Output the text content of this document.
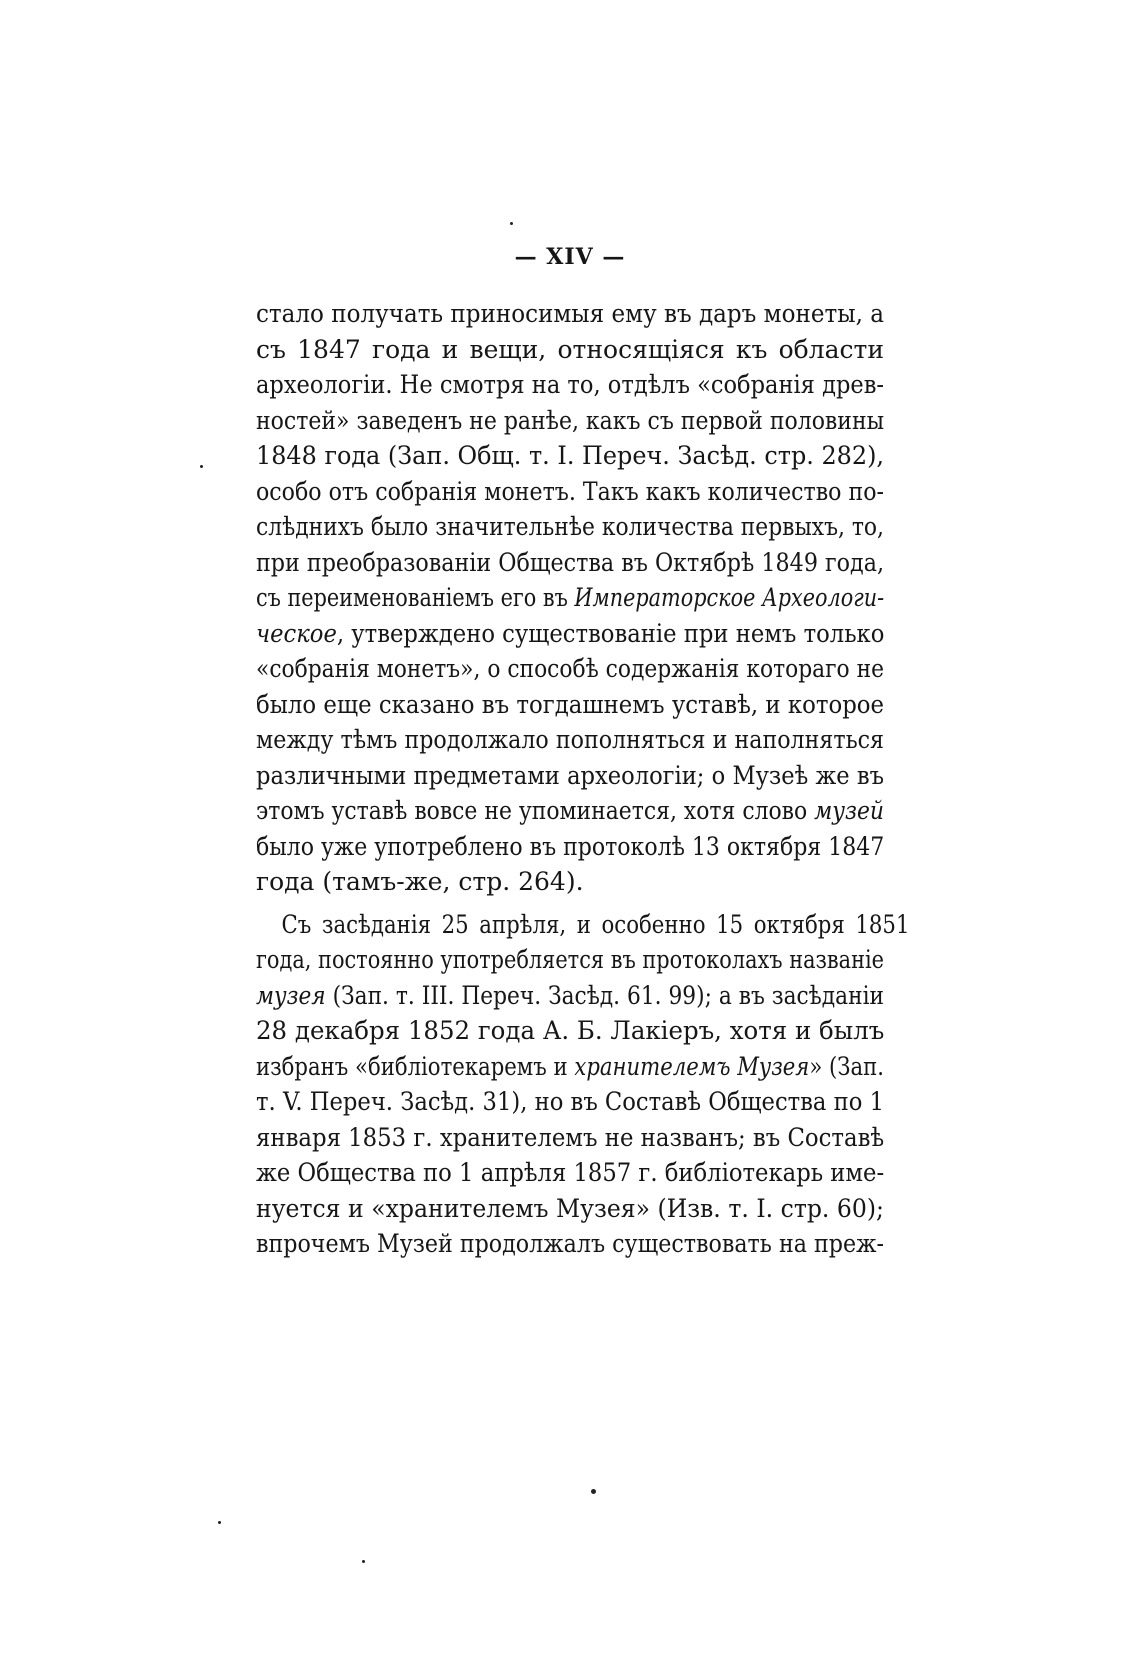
— XIV —
стало получать приносимыя ему въ даръ монеты, а
съ 1847 года и вещи, относящіяся къ области
археологіи. Не смотря на то, отдѣлъ «собранія древ-
ностей» заведенъ не ранѣе, какъ съ первой половины
1848 года (Зап. Общ. т. I. Переч. Засѣд. стр. 282),
особо отъ собранія монетъ. Такъ какъ количество по-
слѣднихъ было значительнѣе количества первыхъ, то,
при преобразованіи Общества въ Октябрѣ 1849 года,
съ переименованіемъ его въ Императорское Археологи-
ческое, утверждено существованіе при немъ только
«собранія монетъ», о способѣ содержанія котораго не
было еще сказано въ тогдашнемъ уставѣ, и которое
между тѣмъ продолжало пополняться и наполняться
различными предметами археологіи; о Музеѣ же въ
этомъ уставѣ вовсе не упоминается, хотя слово музей
было уже употреблено въ протоколѣ 13 октября 1847
года (тамъ-же, стр. 264).
Съ засѣданія 25 апрѣля, и особенно 15 октября 1851
года, постоянно употребляется въ протоколахъ названіе
музея (Зап. т. III. Переч. Засѣд. 61. 99); а въ засѣданіи
28 декабря 1852 года А. Б. Лакіеръ, хотя и былъ
избранъ «библіотекаремъ и хранителемъ Музея» (Зап.
т. V. Переч. Засѣд. 31), но въ Составѣ Общества по 1
января 1853 г. хранителемъ не названъ; въ Составѣ
же Общества по 1 апрѣля 1857 г. библіотекарь име-
нуется и «хранителемъ Музея» (Изв. т. I. стр. 60);
впрочемъ Музей продолжалъ существовать на преж-
